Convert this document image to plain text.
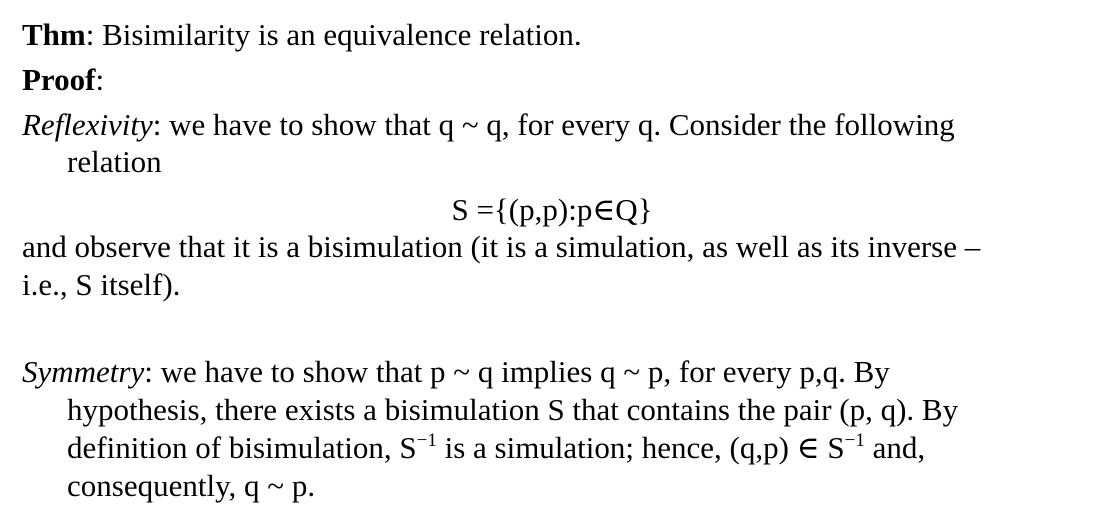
Thm: Bisimilarity is an equivalence relation.
Proof:
Reflexivity: we have to show that q ~ q, for every q. Consider the following
relation
S ={(p,p):p∈Q}
and observe that it is a bisimulation (it is a simulation, as well as its inverse –
i.e., S itself).
Symmetry: we have to show that p ~ q implies q ~ p, for every p,q. By
hypothesis, there exists a bisimulation S that contains the pair (p, q). By
definition of bisimulation, $S^{-1}$ is a simulation; hence, (q,p) ∈ $S^{-1}$ and,
consequently, q ~ p.
